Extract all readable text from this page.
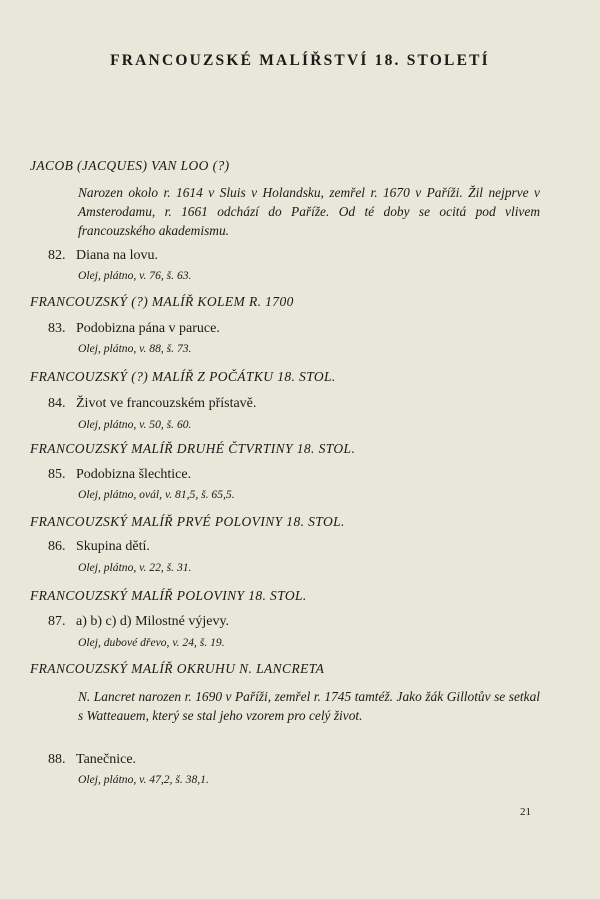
FRANCOUZSKÉ MALÍŘSTVÍ 18. STOLETÍ
JACOB (JACQUES) VAN LOO (?)
Narozen okolo r. 1614 v Sluis v Holandsku, zemřel r. 1670 v Paříži. Žil nejprve v Amsterodamu, r. 1661 odchází do Paříže. Od té doby se ocitá pod vlivem francouzského akademismu.
82. Diana na lovu.
Olej, plátno, v. 76, š. 63.
FRANCOUZSKÝ (?) MALÍŘ KOLEM R. 1700
83. Podobizna pána v paruce.
Olej, plátno, v. 88, š. 73.
FRANCOUZSKÝ (?) MALÍŘ Z POČÁTKU 18. STOL.
84. Život ve francouzském přístavě.
Olej, plátno, v. 50, š. 60.
FRANCOUZSKÝ MALÍŘ DRUHÉ ČTVRTINY 18. STOL.
85. Podobizna šlechtice.
Olej, plátno, ovál, v. 81,5, š. 65,5.
FRANCOUZSKÝ MALÍŘ PRVÉ POLOVINY 18. STOL.
86. Skupina dětí.
Olej, plátno, v. 22, š. 31.
FRANCOUZSKÝ MALÍŘ POLOVINY 18. STOL.
87. a) b) c) d) Milostné výjevy.
Olej, dubové dřevo, v. 24, š. 19.
FRANCOUZSKÝ MALÍŘ OKRUHU N. LANCRETA
N. Lancret narozen r. 1690 v Paříži, zemřel r. 1745 tamtéž. Jako žák Gillotův se setkal s Watteauem, který se stal jeho vzorem pro celý život.
88. Tanečnice.
Olej, plátno, v. 47,2, š. 38,1.
21
